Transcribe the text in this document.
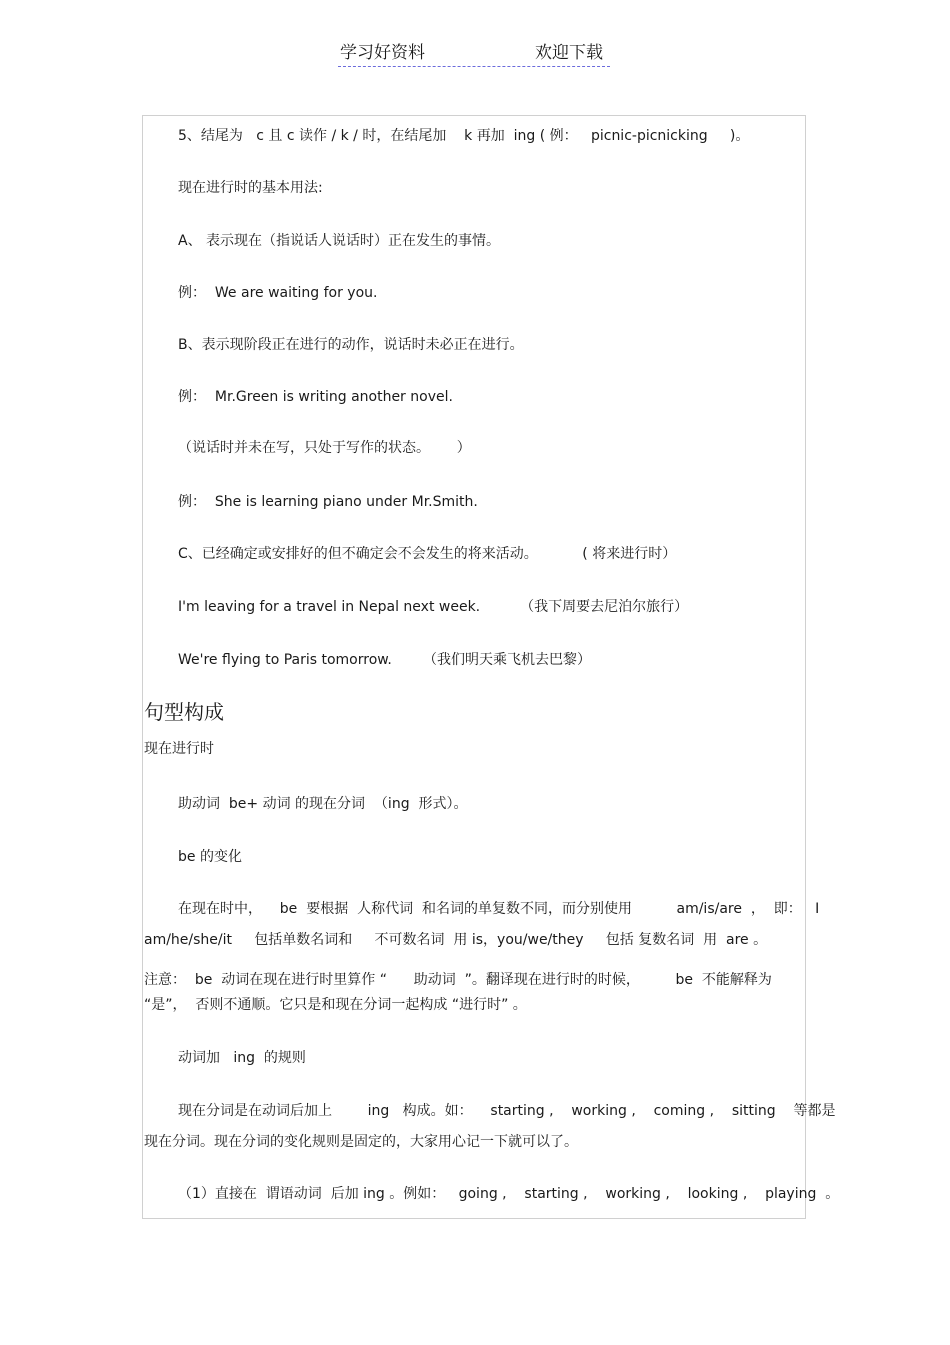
学习好资料	欢迎下载
5、结尾为   c 且 c 读作 / k / 时，在结尾加    k 再加  ing ( 例：   picnic-picnicking     )。
现在进行时的基本用法:
A、 表示现在（指说话人说话时）正在发生的事情。
例：  We are waiting for you.
B、表示现阶段正在进行的动作，说话时未必正在进行。
例：  Mr.Green is writing another novel.
（说话时并未在写，只处于写作的状态。      ）
例：  She is learning piano under Mr.Smith.
C、已经确定或安排好的但不确定会不会发生的将来活动。          ( 将来进行时）
I'm leaving for a travel in Nepal next week.         （我下周要去尼泊尔旅行）
We're flying to Paris tomorrow.       （我们明天乘飞机去巴黎）
句型构成
现在进行时
助动词  be+ 动词 的现在分词  （ing  形式）。
be 的变化
在现在时中，    be  要根据  人称代词  和名词的单复数不同，而分别使用          am/is/are  ，  即：   I
am/he/she/it     包括单数名词和     不可数名词  用 is，you/we/they     包括 复数名词  用  are 。
注意：  be  动词在现在进行时里算作 “      助动词  ”。翻译现在进行时的时候，        be  不能解释为
“是”，  否则不通顺。它只是和现在分词一起构成 “进行时” 。
动词加   ing  的规则
现在分词是在动词后加上        ing   构成。如：    starting ,    working ,    coming ,    sitting    等都是
现在分词。现在分词的变化规则是固定的，大家用心记一下就可以了。
（1）直接在  谓语动词  后加 ing 。例如：   going ,    starting ,    working ,    looking ,    playing  。
